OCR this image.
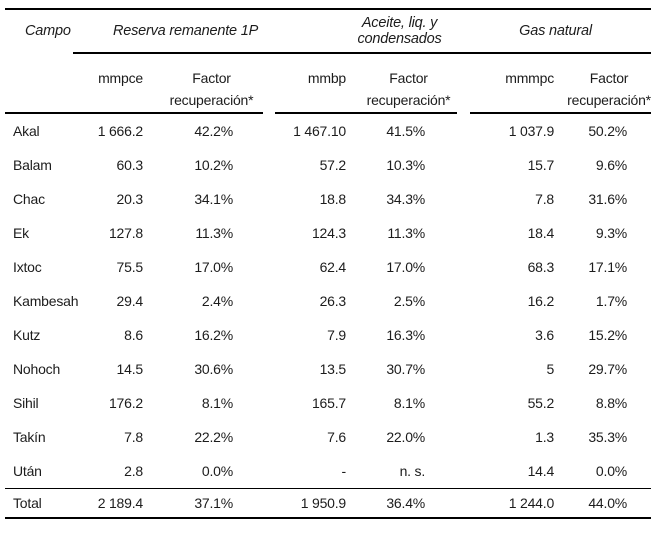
Campo	Reserva remanente 1P		Aceite, liq. y condensados		Gas natural	

	mmpce	Factor recuperación*	mmbp	Factor recuperación*	mmmpc	Factor recuperación*

Akal	1 666.2	42.2%	1 467.10	41.5%	1 037.9	50.2%
Balam	60.3	10.2%	57.2	10.3%	15.7	9.6%
Chac	20.3	34.1%	18.8	34.3%	7.8	31.6%
Ek	127.8	11.3%	124.3	11.3%	18.4	9.3%
Ixtoc	75.5	17.0%	62.4	17.0%	68.3	17.1%
Kambesah	29.4	2.4%	26.3	2.5%	16.2	1.7%
Kutz	8.6	16.2%	7.9	16.3%	3.6	15.2%
Nohoch	14.5	30.6%	13.5	30.7%	5	29.7%
Sihil	176.2	8.1%	165.7	8.1%	55.2	8.8%
Takín	7.8	22.2%	7.6	22.0%	1.3	35.3%
Után	2.8	0.0%	-	n. s.	14.4	0.0%

Total	2 189.4	37.1%	1 950.9	36.4%	1 244.0	44.0%
